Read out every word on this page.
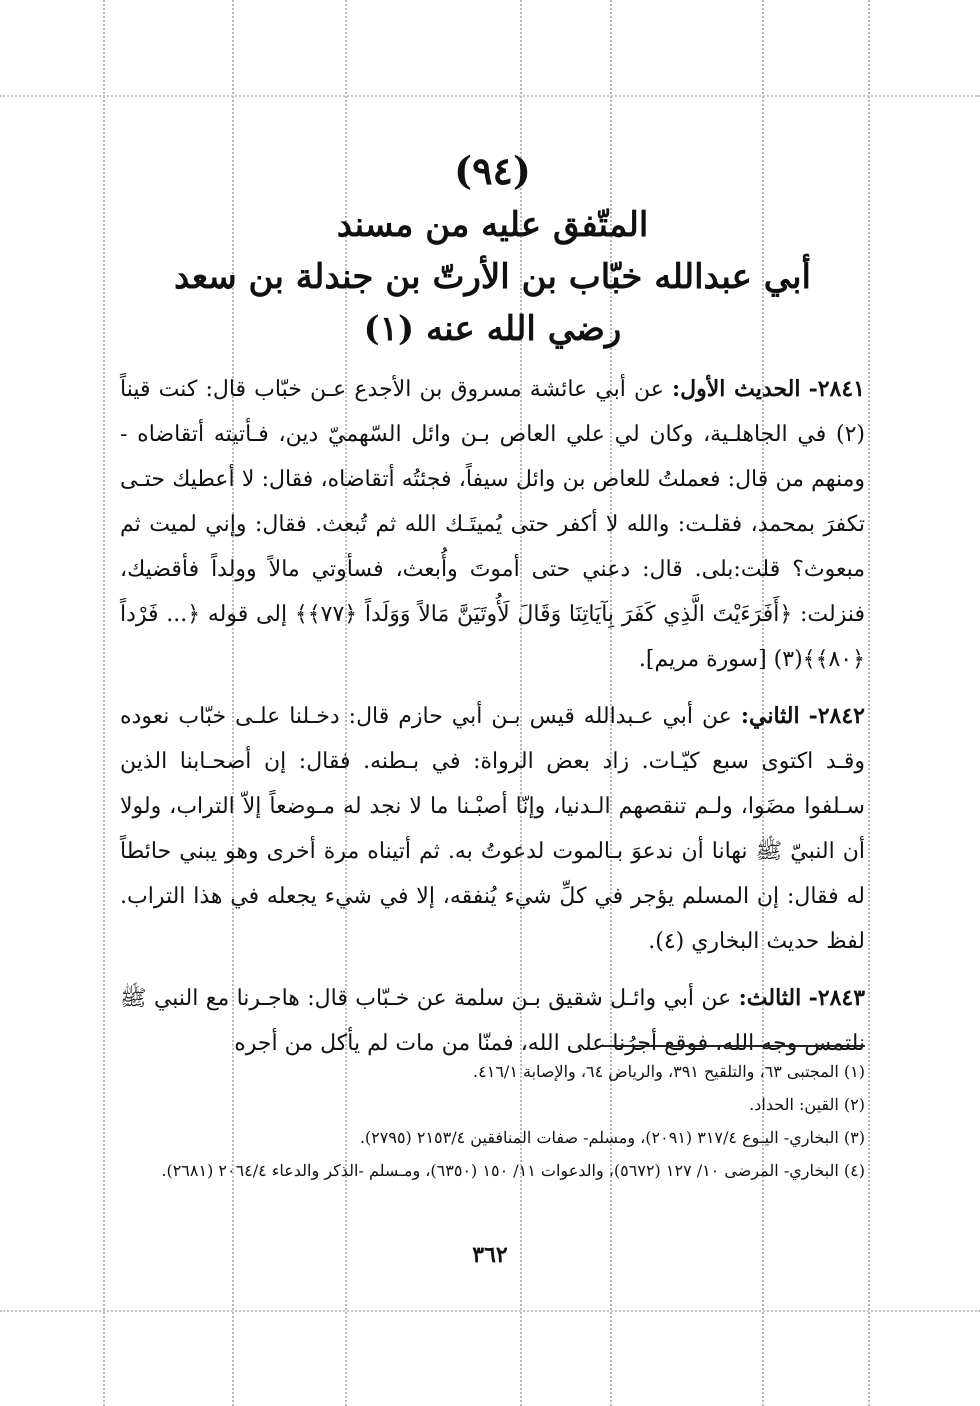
(٩٤)
المتّفق عليه من مسند
أبي عبدالله خبّاب بن الأرتّ بن جندلة بن سعد
رضي الله عنه (١)
٢٨٤١- الحديث الأول: عن أبي عائشة مسروق بن الأجدع عـن خبّاب قال: كنت قيناً (٢) في الجاهلـية، وكان لي علي العاص بـن وائل السّهميّ دين، فـأتيته أتقاضاه - ومنهم من قال: فعملتُ للعاص بن وائل سيفاً، فجئتُه أتقاضاه، فقال: لا أعطيك حتـى تكفرَ بمحمد، فقلـت: والله لا أكفر حتى يُميتَـك الله ثم تُبعث. فقال: وإني لميت ثم مبعوث؟ قلت:بلى. قال: دعني حتى أموتَ وأُبعث، فسأوتي مالاً وولداً فأقضيك، فنزلت: ﴿أَفَرَءَيْتَ الَّذِي كَفَرَ بِآيَاتِنَا وَقَالَ لَأُوتَيَنَّ مَالاً وَوَلَداً ﴿٧٧﴾﴾ إلى قوله ﴿... فَرْداً ﴿٨٠﴾﴾(٣) [سورة مريم].
٢٨٤٢- الثاني: عن أبي عـبدالله قيس بـن أبي حازم قال: دخـلنا علـى خبّاب نعوده وقـد اكتوى سبع كيّـات. زاد بعض الرواة: في بـطنه. فقال: إن أصحـابنا الذين سـلفوا مضَوا، ولـم تنقصهم الـدنيا، وإنّا أصبْـنا ما لا نجد له مـوضعاً إلاّ التراب، ولولا أن النبيّ ﷺ نهانا أن ندعوَ بـالموت لدعوتُ به. ثم أتيناه مرة أخرى وهو يبني حائطاً له فقال: إن المسلم يؤجر في كلِّ شيء يُنفقه، إلا في شيء يجعله في هذا التراب. لفظ حديث البخاري (٤).
٢٨٤٣- الثالث: عن أبي وائـل شقيق بـن سلمة عن خـبّاب قال: هاجـرنا مع النبي ﷺ نلتمس وجه الله، فوقع أجرُنا على الله، فمنّا من مات لم يأكل من أجره
(١) المجتبى ٦٣، والتلقيح ٣٩١، والرياض ٦٤، والإصابة ٤١٦/١.
(٢) القين: الحداد.
(٣) البخاري- اليـوع ٣١٧/٤ (٢٠٩١)، ومسلم- صفات المنافقين ٢١٥٣/٤ (٢٧٩٥).
(٤) البخاري- المرضى ١٠/ ١٢٧ (٥٦٧٢)، والدعوات ١١/ ١٥٠ (٦٣٥٠)، ومـسلم -الذكر والدعاء ٢٠٦٤/٤ (٢٦٨١).
٣٦٢
